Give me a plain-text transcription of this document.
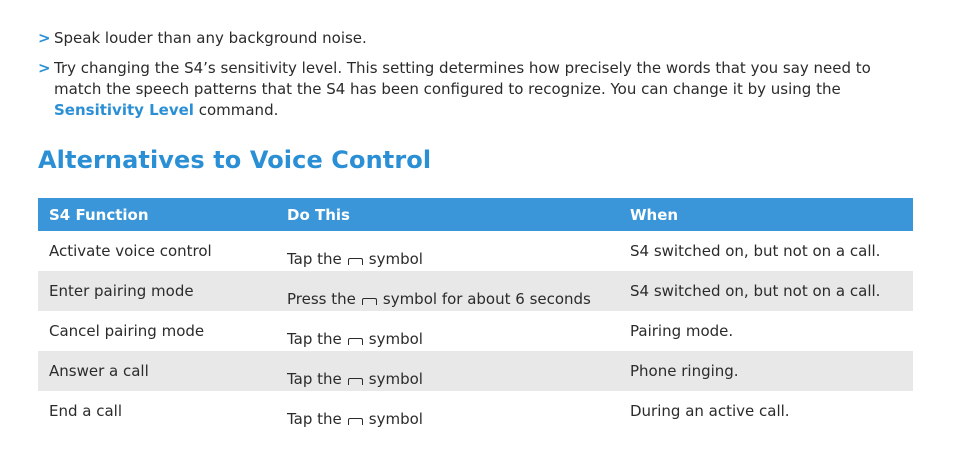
> Speak louder than any background noise.
> Try changing the S4’s sensitivity level. This setting determines how precisely the words that you say need to match the speech patterns that the S4 has been configured to recognize. You can change it by using the Sensitivity Level command.
Alternatives to Voice Control
S4 Function	Do This	When
Activate voice control	Tap the symbol	S4 switched on, but not on a call.
Enter pairing mode	Press the symbol for about 6 seconds	S4 switched on, but not on a call.
Cancel pairing mode	Tap the symbol	Pairing mode.
Answer a call	Tap the symbol	Phone ringing.
End a call	Tap the symbol	During an active call.
